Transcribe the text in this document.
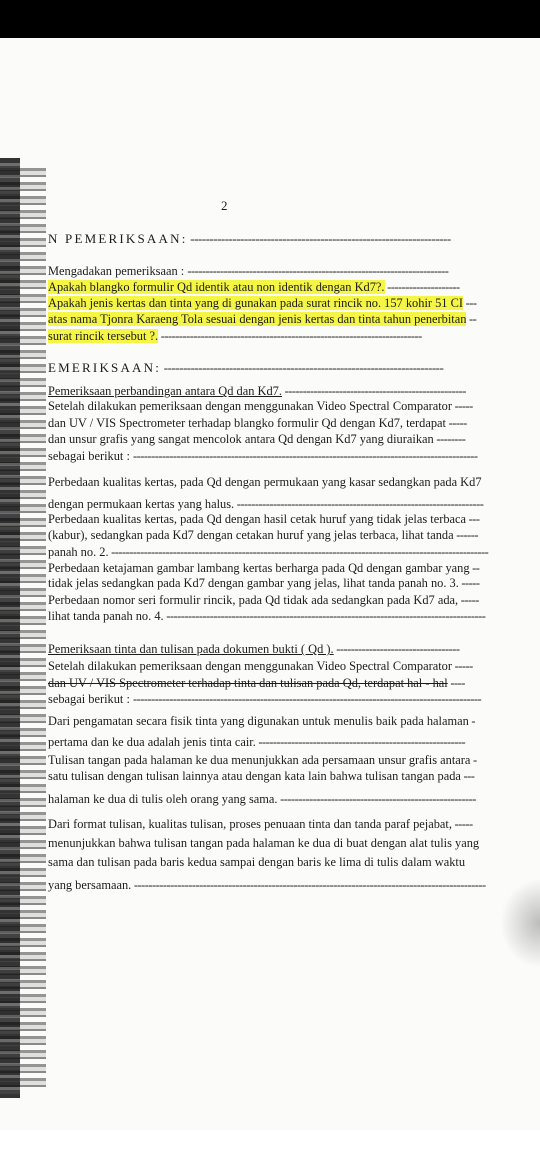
2
N PEMERIKSAAN: --------------------------------------------------------------------
Mengadakan pemeriksaan : ------------------------------------------------------------------------
Apakah blangko formulir Qd identik atau non identik dengan Kd7?. --------------------
Apakah jenis kertas dan tinta yang di gunakan pada surat rincik no. 157 kohir 51 CI ---
atas nama Tjonra Karaeng Tola sesuai dengan jenis kertas dan tinta tahun penerbitan --
surat rincik tersebut ?. ------------------------------------------------------------------------
EMERIKSAAN: -------------------------------------------------------------------------
Pemeriksaan perbandingan antara Qd dan Kd7. --------------------------------------------------
Setelah dilakukan pemeriksaan dengan menggunakan Video Spectral Comparator -----
dan UV / VIS Spectrometer terhadap blangko formulir Qd dengan Kd7, terdapat -----
dan unsur grafis yang sangat mencolok antara Qd dengan Kd7 yang diuraikan --------
sebagai berikut : -----------------------------------------------------------------------------------------------
Perbedaan kualitas kertas, pada Qd dengan permukaan yang kasar sedangkan pada Kd7
dengan permukaan kertas yang halus. --------------------------------------------------------------------
Perbedaan kualitas kertas, pada Qd dengan hasil cetak huruf yang tidak jelas terbaca ---
(kabur), sedangkan pada Kd7 dengan cetakan huruf yang jelas terbaca, lihat tanda ------
panah no. 2. --------------------------------------------------------------------------------------------------------
Perbedaan ketajaman gambar lambang kertas berharga pada Qd dengan gambar yang --
tidak jelas sedangkan pada Kd7 dengan gambar yang jelas, lihat tanda panah no. 3. -----
Perbedaan nomor seri formulir rincik, pada Qd tidak ada sedangkan pada Kd7 ada, -----
lihat tanda panah no. 4. ----------------------------------------------------------------------------------------
Pemeriksaan tinta dan tulisan pada dokumen bukti ( Qd ). ----------------------------------
Setelah dilakukan pemeriksaan dengan menggunakan Video Spectral Comparator -----
dan UV / VIS Spectrometer terhadap tinta dan tulisan pada Qd, terdapat hal - hal ----
sebagai berikut : ------------------------------------------------------------------------------------------------
Dari pengamatan secara fisik tinta yang digunakan untuk menulis baik pada halaman -
pertama dan ke dua adalah jenis tinta cair. ---------------------------------------------------------
Tulisan tangan pada halaman ke dua menunjukkan ada persamaan unsur grafis antara -
satu tulisan dengan tulisan lainnya atau dengan kata lain bahwa tulisan tangan pada ---
halaman ke dua di tulis oleh orang yang sama. ------------------------------------------------------
Dari format tulisan, kualitas tulisan, proses penuaan tinta dan tanda paraf pejabat, -----
menunjukkan bahwa tulisan tangan pada halaman ke dua di buat dengan alat tulis yang
sama dan tulisan pada baris kedua sampai dengan baris ke lima di tulis dalam waktu
yang bersamaan. -------------------------------------------------------------------------------------------------
